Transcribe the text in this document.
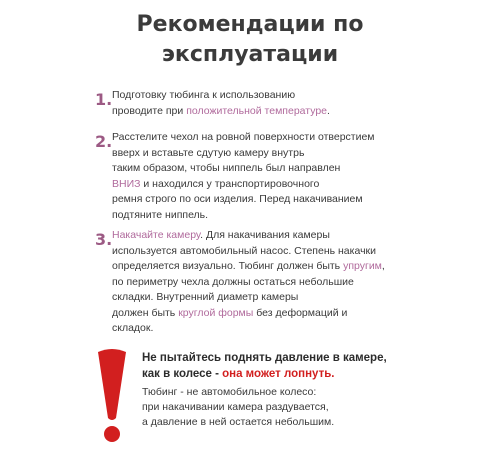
Рекомендации по
эксплуатации
1. Подготовку тюбинга к использованию
проводите при положительной температуре.
2. Расстелите чехол на ровной поверхности отверстием
вверх и вставьте сдутую камеру внутрь
таким образом, чтобы ниппель был направлен
ВНИЗ и находился у транспортировочного
ремня строго по оси изделия. Перед накачиванием
подтяните ниппель.
3. Накачайте камеру. Для накачивания камеры
используется автомобильный насос. Степень накачки
определяется визуально. Тюбинг должен быть упругим,
по периметру чехла должны остаться небольшие
складки. Внутренний диаметр камеры
должен быть круглой формы без деформаций и
складок.
Не пытайтесь поднять давление в камере,
как в колесе - она может лопнуть.
Тюбинг - не автомобильное колесо:
при накачивании камера раздувается,
а давление в ней остается небольшим.
